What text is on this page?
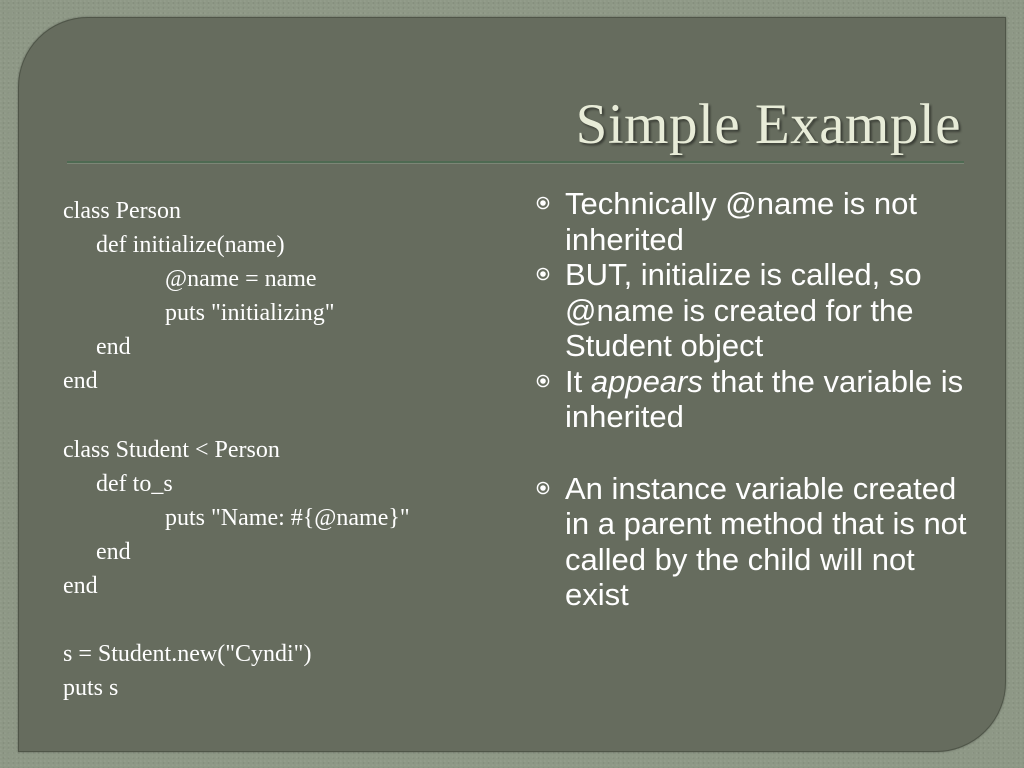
Simple Example
class Person
def initialize(name)
@name = name
puts "initializing"
end
end
class Student < Person
def to_s
puts "Name: #{@name}"
end
end
s = Student.new("Cyndi")
puts s
Technically @name is not inherited
BUT, initialize is called, so @name is created for the Student object
It appears that the variable is inherited
An instance variable created in a parent method that is not called by the child will not exist
